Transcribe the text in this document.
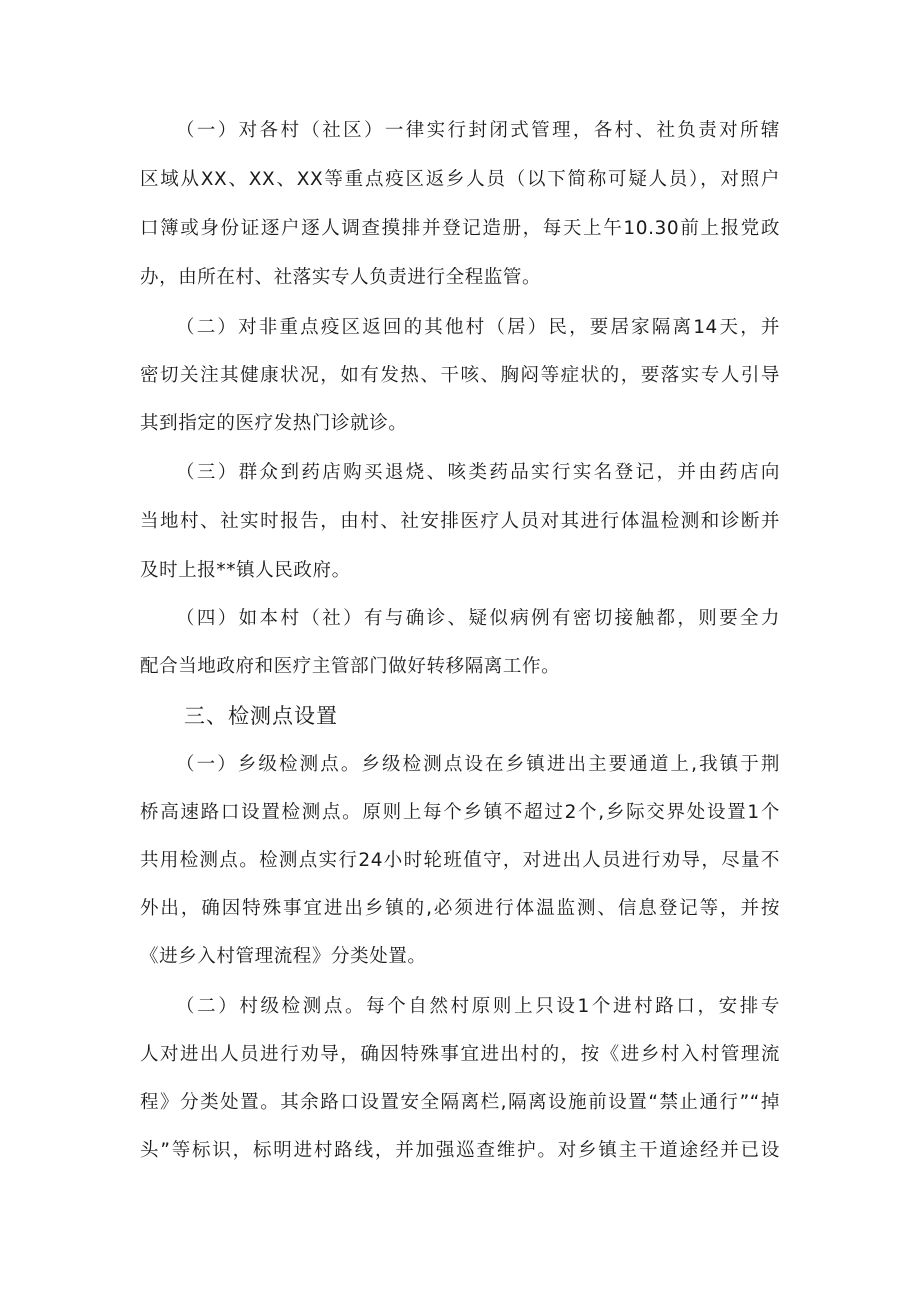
（一）对各村（社区）一律实行封闭式管理，各村、社负责对所辖
区域从XX、XX、XX等重点疫区返乡人员（以下简称可疑人员），对照户
口簿或身份证逐户逐人调查摸排并登记造册，每天上午10.30前上报党政
办，由所在村、社落实专人负责进行全程监管。
（二）对非重点疫区返回的其他村（居）民，要居家隔离14天，并
密切关注其健康状况，如有发热、干咳、胸闷等症状的，要落实专人引导
其到指定的医疗发热门诊就诊。
（三）群众到药店购买退烧、咳类药品实行实名登记，并由药店向
当地村、社实时报告，由村、社安排医疗人员对其进行体温检测和诊断并
及时上报**镇人民政府。
（四）如本村（社）有与确诊、疑似病例有密切接触都，则要全力
配合当地政府和医疗主管部门做好转移隔离工作。
三、检测点设置
（一）乡级检测点。乡级检测点设在乡镇进出主要通道上,我镇于荆
桥高速路口设置检测点。原则上每个乡镇不超过2个,乡际交界处设置1个
共用检测点。检测点实行24小时轮班值守，对进出人员进行劝导，尽量不
外出，确因特殊事宜进出乡镇的,必须进行体温监测、信息登记等，并按
《进乡入村管理流程》分类处置。
（二）村级检测点。每个自然村原则上只设1个进村路口，安排专
人对进出人员进行劝导，确因特殊事宜进出村的，按《进乡村入村管理流
程》分类处置。其余路口设置安全隔离栏,隔离设施前设置“禁止通行”“掉
头”等标识，标明进村路线，并加强巡查维护。对乡镇主干道途经并已设
